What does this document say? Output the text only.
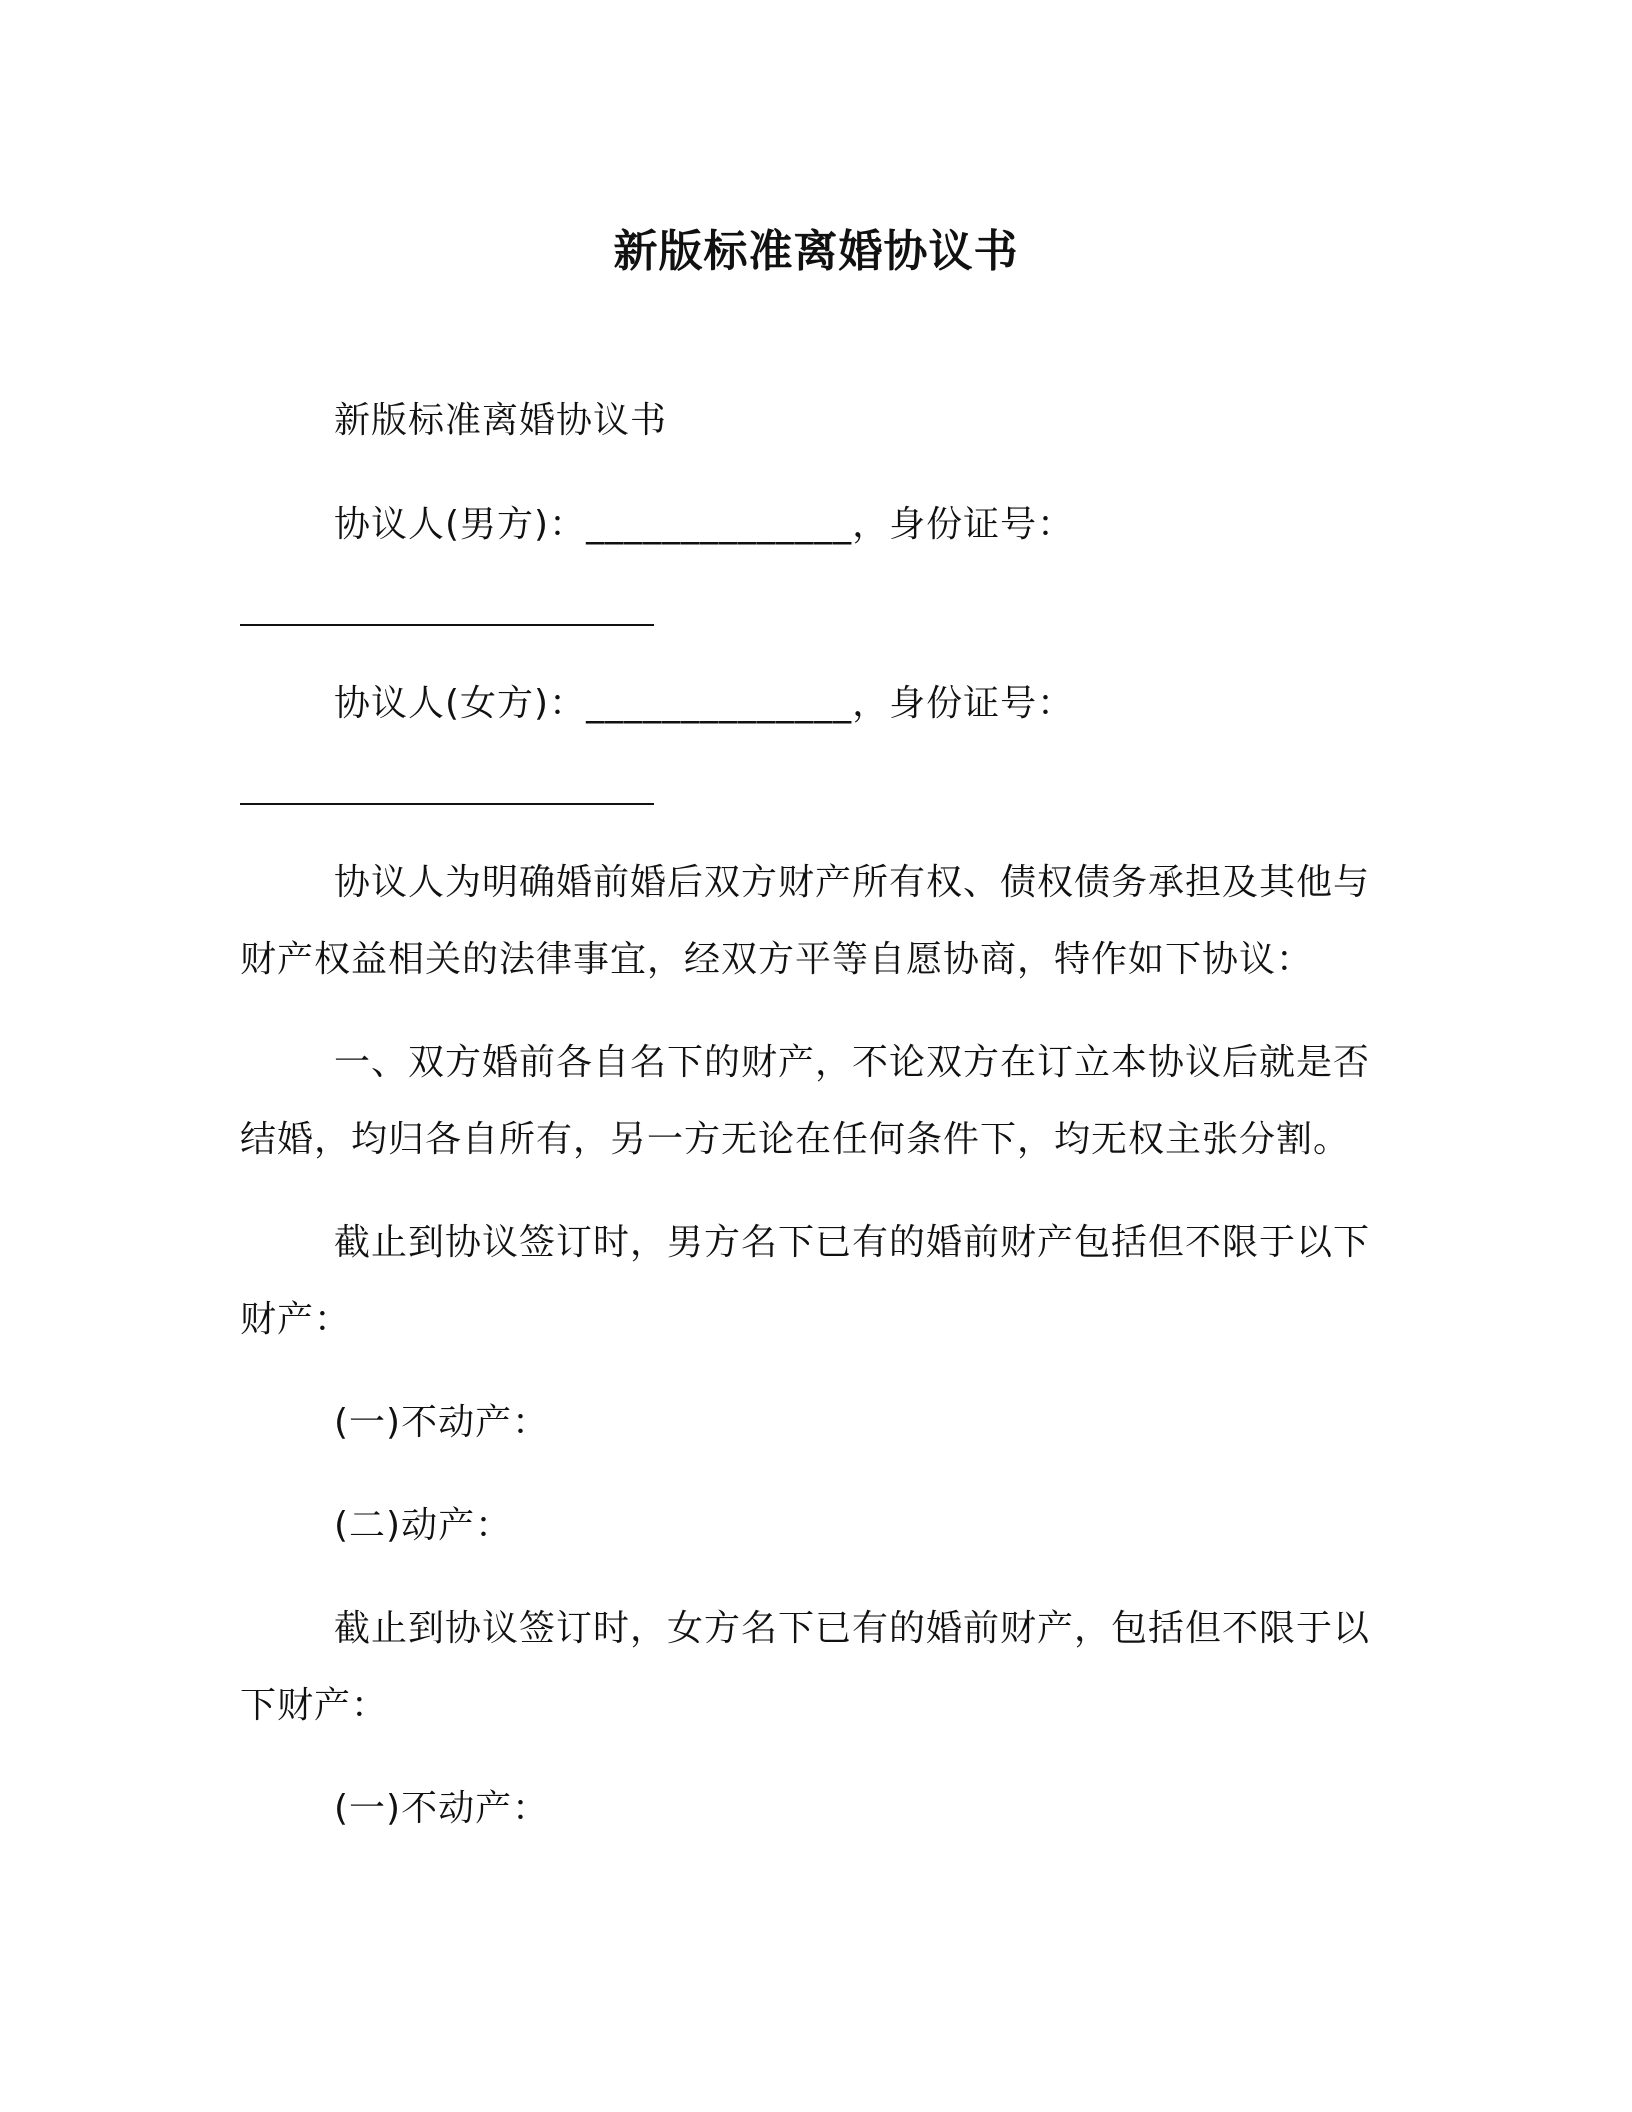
新版标准离婚协议书
新版标准离婚协议书
协议人(男方)：______________，身份证号：
协议人(女方)：______________，身份证号：
协议人为明确婚前婚后双方财产所有权、债权债务承担及其他与
财产权益相关的法律事宜，经双方平等自愿协商，特作如下协议：
一、双方婚前各自名下的财产，不论双方在订立本协议后就是否
结婚，均归各自所有，另一方无论在任何条件下，均无权主张分割。
截止到协议签订时，男方名下已有的婚前财产包括但不限于以下
财产：
(一)不动产：
(二)动产：
截止到协议签订时，女方名下已有的婚前财产，包括但不限于以
下财产：
(一)不动产：
